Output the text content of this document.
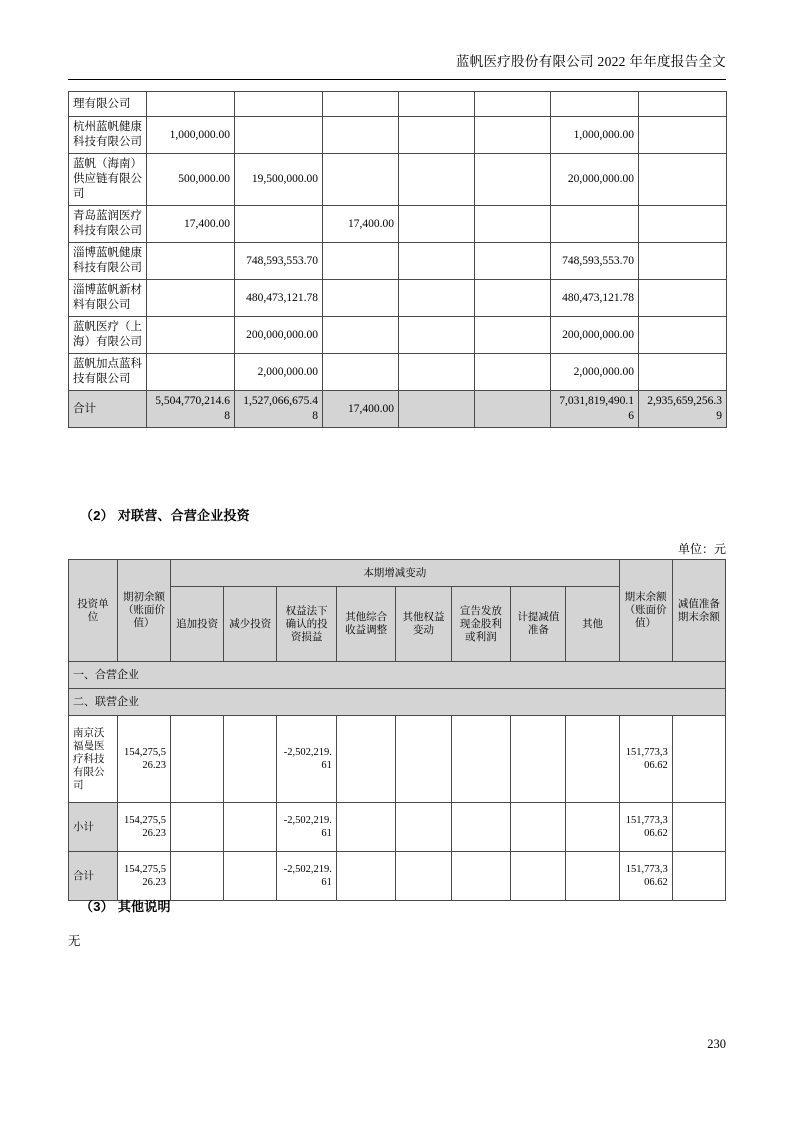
蓝帆医疗股份有限公司 2022 年年度报告全文
理有限公司							
杭州蓝帆健康科技有限公司	1,000,000.00					1,000,000.00	
蓝帆（海南）供应链有限公司	500,000.00	19,500,000.00				20,000,000.00	
青岛蓝润医疗科技有限公司	17,400.00		17,400.00				
淄博蓝帆健康科技有限公司		748,593,553.70				748,593,553.70	
淄博蓝帆新材料有限公司		480,473,121.78				480,473,121.78	
蓝帆医疗（上海）有限公司		200,000,000.00				200,000,000.00	
蓝帆加点蓝科技有限公司		2,000,000.00				2,000,000.00	
合计	5,504,770,214.68	1,527,066,675.48	17,400.00			7,031,819,490.16	2,935,659,256.39
（2） 对联营、合营企业投资
单位：元
投资单位	期初余额（账面价值）	本期增减变动								期末余额（账面价值）	减值准备期末余额
		追加投资	减少投资	权益法下确认的投资损益	其他综合收益调整	其他权益变动	宣告发放现金股利或利润	计提减值准备	其他		
一、合营企业											
二、联营企业											
南京沃福曼医疗科技有限公司	154,275,526.23			-2,502,219.61						151,773,306.62	
小计	154,275,526.23			-2,502,219.61						151,773,306.62	
合计	154,275,526.23			-2,502,219.61						151,773,306.62	
（3） 其他说明
无
230
